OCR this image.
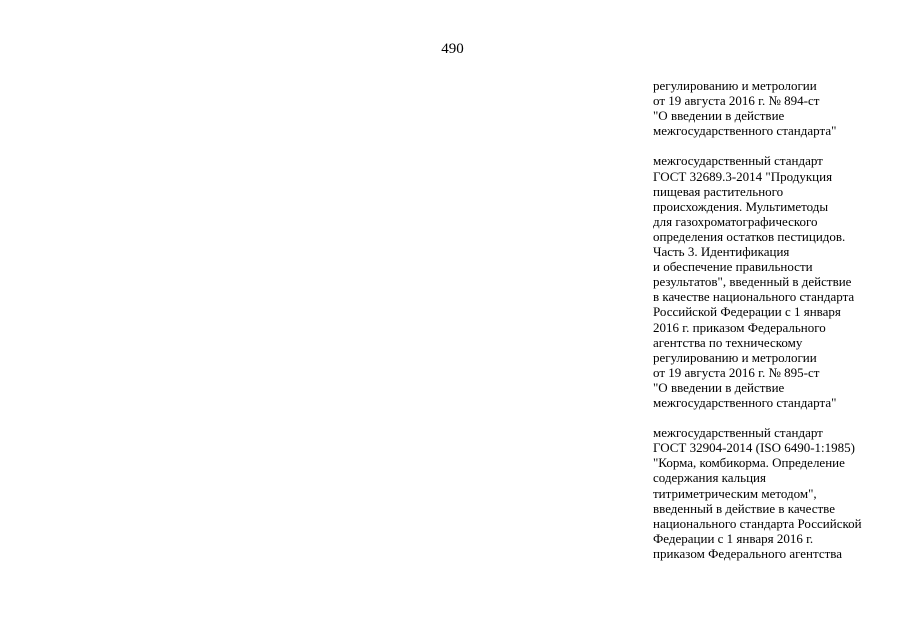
490

регулированию и метрологии
от 19 августа 2016 г. № 894-ст
"О введении в действие
межгосударственного стандарта"

межгосударственный стандарт
ГОСТ 32689.3-2014 "Продукция
пищевая растительного
происхождения. Мультиметоды
для газохроматографического
определения остатков пестицидов.
Часть 3. Идентификация
и обеспечение правильности
результатов", введенный в действие
в качестве национального стандарта
Российской Федерации с 1 января
2016 г. приказом Федерального
агентства по техническому
регулированию и метрологии
от 19 августа 2016 г. № 895-ст
"О введении в действие
межгосударственного стандарта"

межгосударственный стандарт
ГОСТ 32904-2014 (ISO 6490-1:1985)
"Корма, комбикорма. Определение
содержания кальция
титриметрическим методом",
введенный в действие в качестве
национального стандарта Российской
Федерации с 1 января 2016 г.
приказом Федерального агентства
